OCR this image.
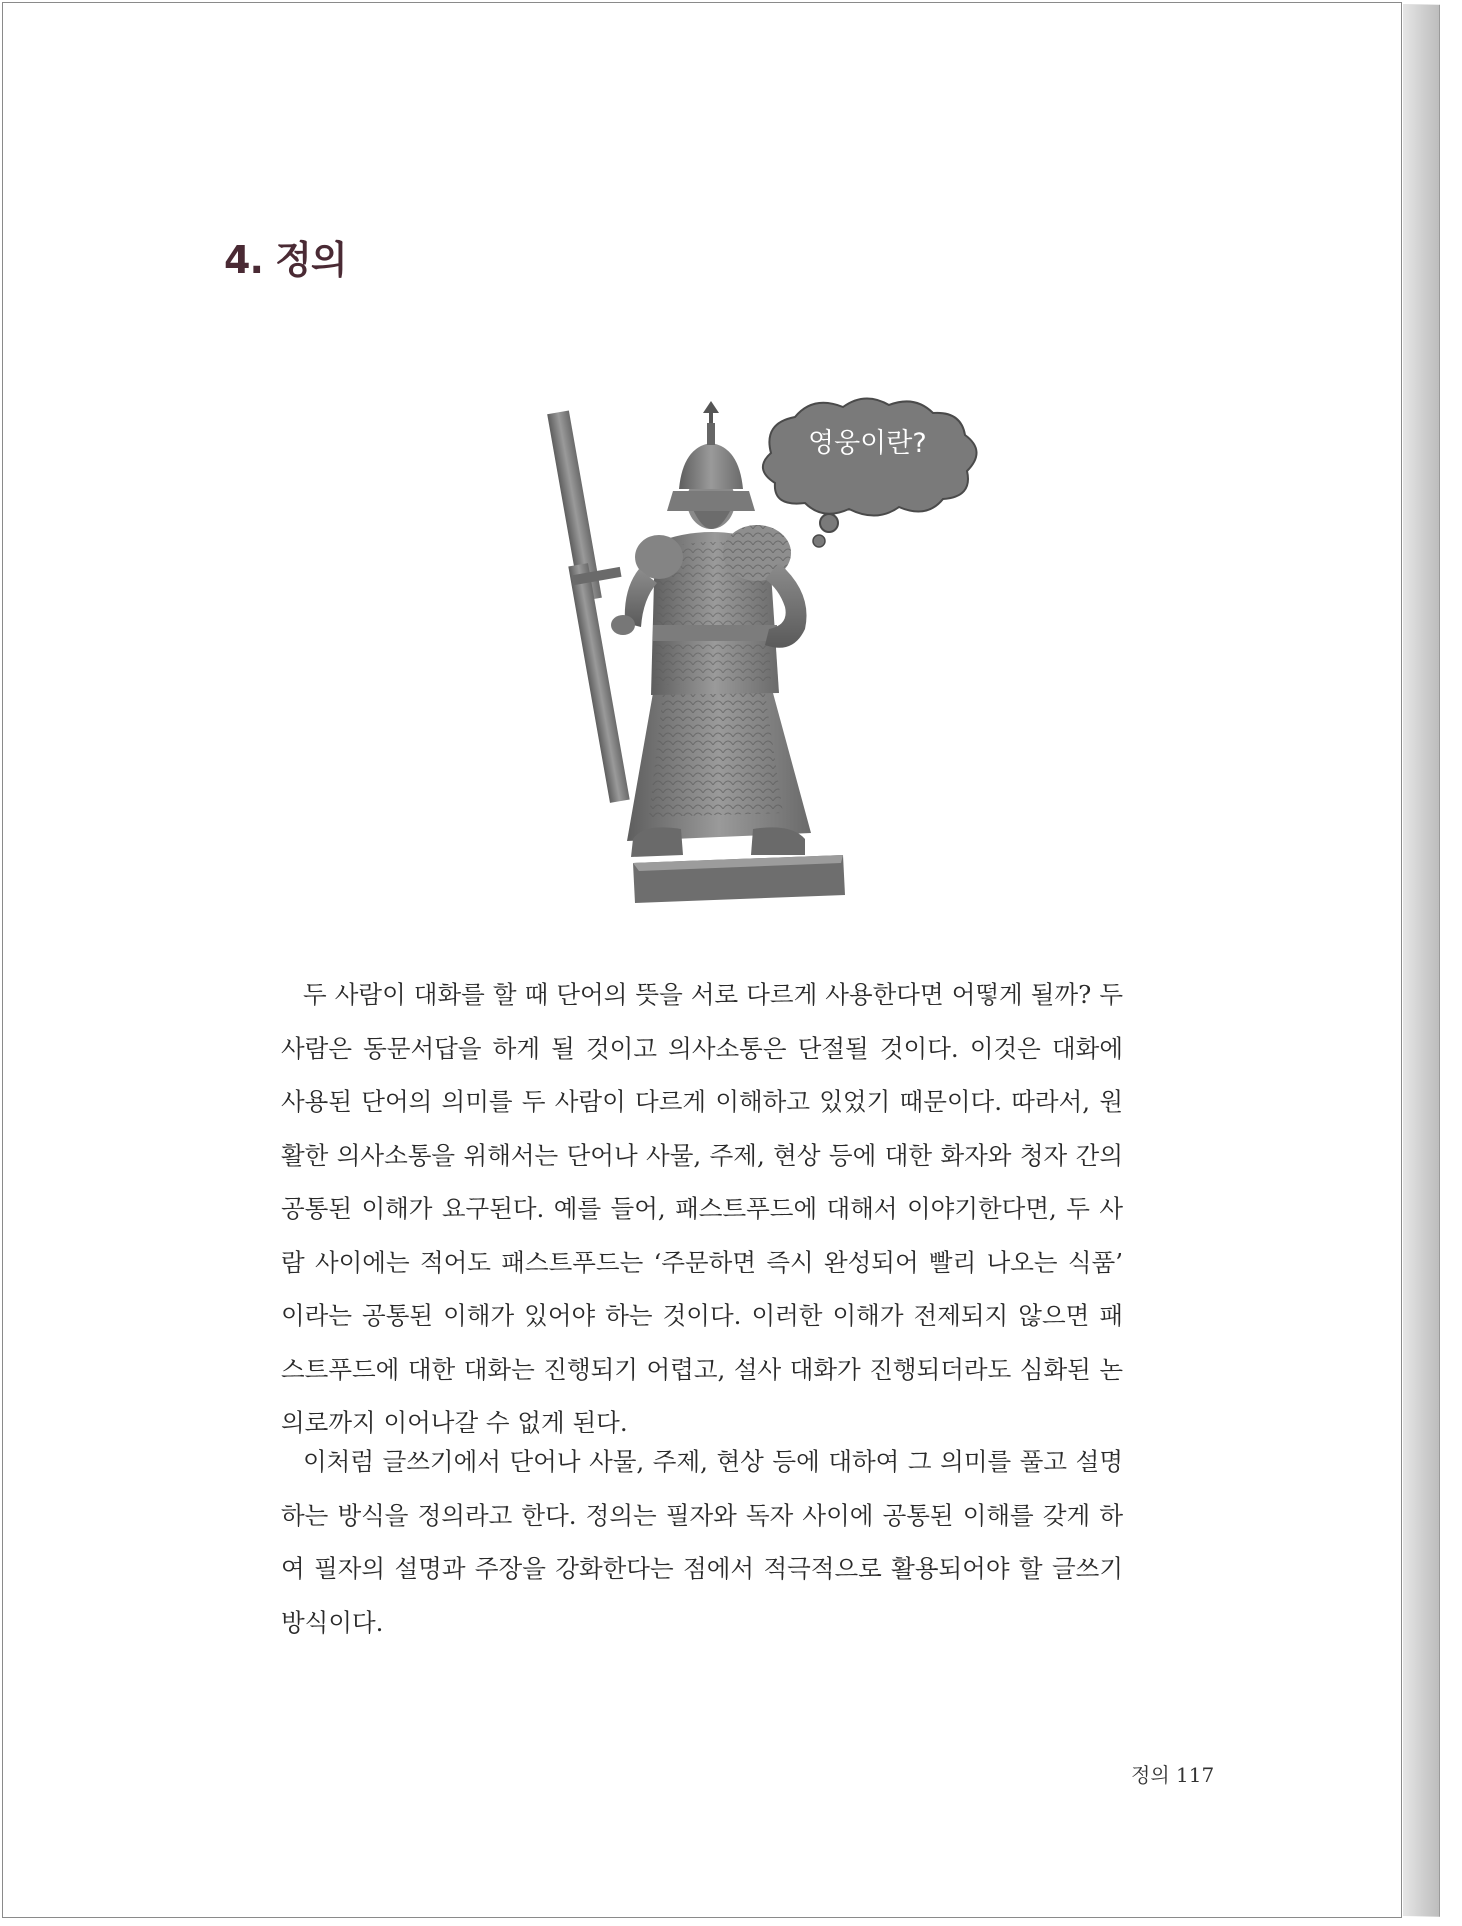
4. 정의
영웅이란?

두 사람이 대화를 할 때 단어의 뜻을 서로 다르게 사용한다면 어떻게 될까? 두
사람은 동문서답을 하게 될 것이고 의사소통은 단절될 것이다. 이것은 대화에
사용된 단어의 의미를 두 사람이 다르게 이해하고 있었기 때문이다. 따라서, 원
활한 의사소통을 위해서는 단어나 사물, 주제, 현상 등에 대한 화자와 청자 간의
공통된 이해가 요구된다. 예를 들어, 패스트푸드에 대해서 이야기한다면, 두 사
람 사이에는 적어도 패스트푸드는 ‘주문하면 즉시 완성되어 빨리 나오는 식품’
이라는 공통된 이해가 있어야 하는 것이다. 이러한 이해가 전제되지 않으면 패
스트푸드에 대한 대화는 진행되기 어렵고, 설사 대화가 진행되더라도 심화된 논
의로까지 이어나갈 수 없게 된다.

이처럼 글쓰기에서 단어나 사물, 주제, 현상 등에 대하여 그 의미를 풀고 설명
하는 방식을 정의라고 한다. 정의는 필자와 독자 사이에 공통된 이해를 갖게 하
여 필자의 설명과 주장을 강화한다는 점에서 적극적으로 활용되어야 할 글쓰기
방식이다.

정의 117
